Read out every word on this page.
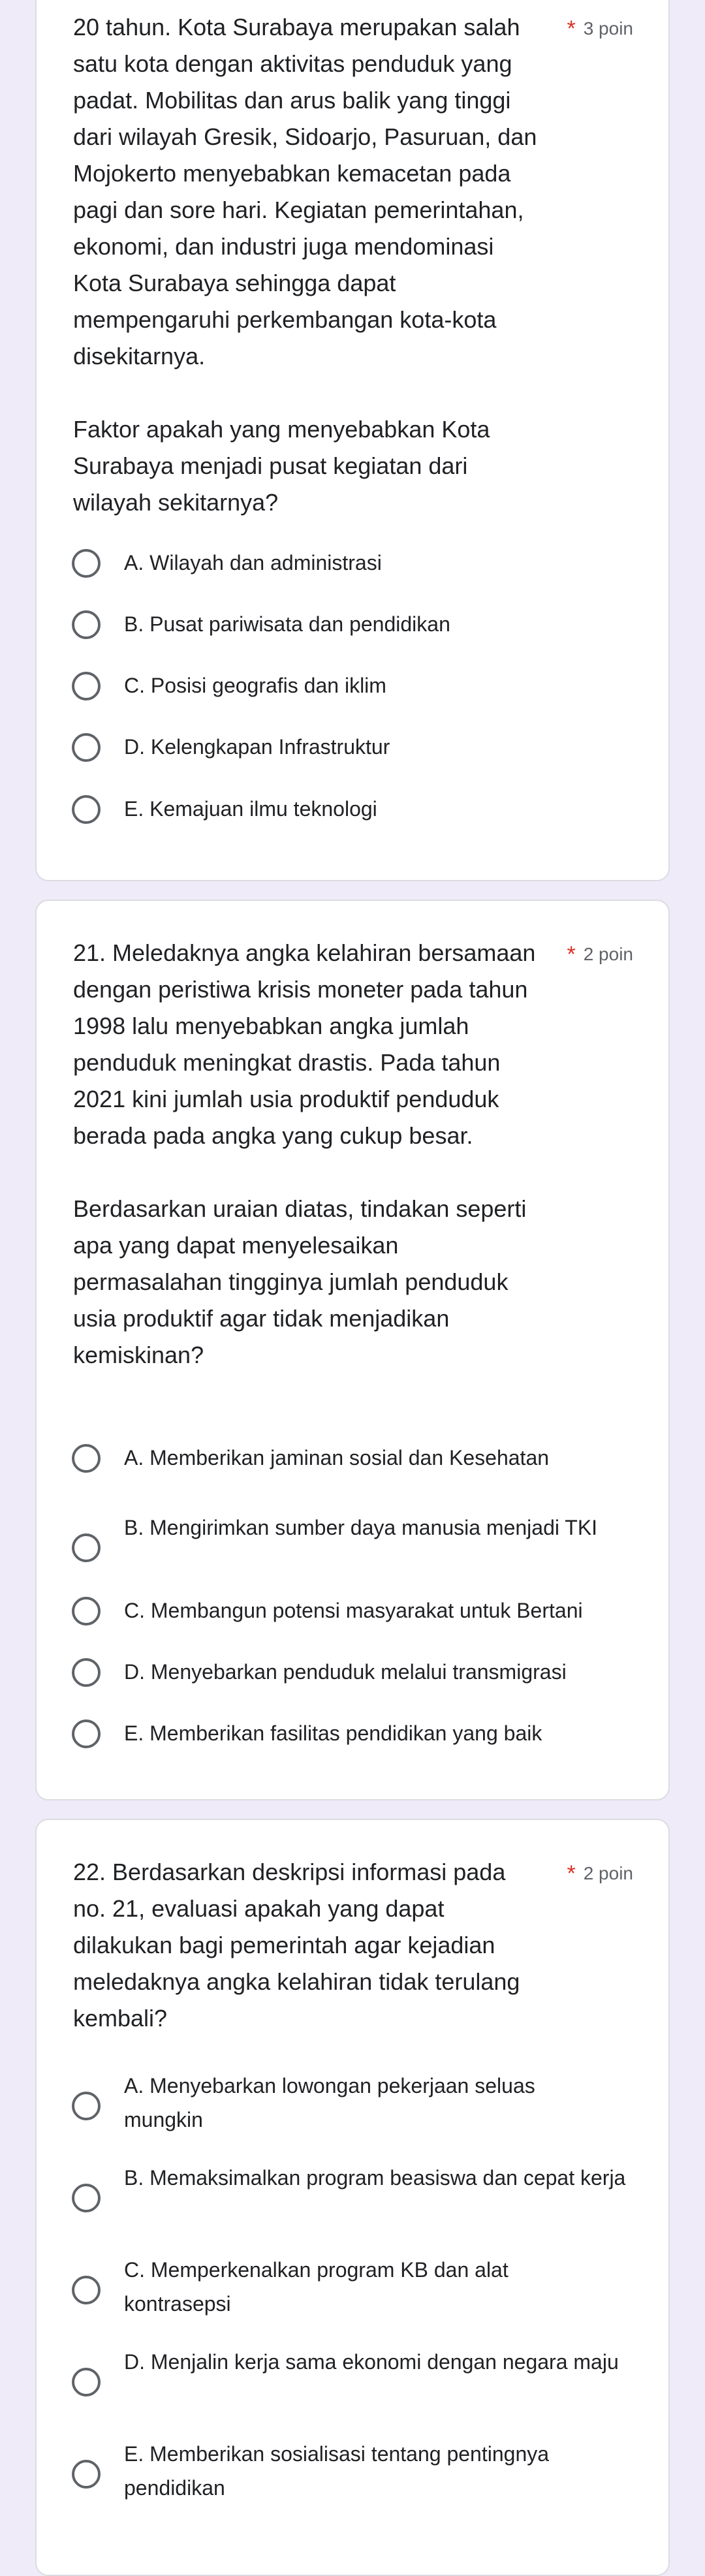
* 3 poin

20 tahun. Kota Surabaya merupakan salah satu kota dengan aktivitas penduduk yang padat. Mobilitas dan arus balik yang tinggi dari wilayah Gresik, Sidoarjo, Pasuruan, dan Mojokerto menyebabkan kemacetan pada pagi dan sore hari. Kegiatan pemerintahan, ekonomi, dan industri juga mendominasi Kota Surabaya sehingga dapat mempengaruhi perkembangan kota-kota disekitarnya.

Faktor apakah yang menyebabkan Kota Surabaya menjadi pusat kegiatan dari wilayah sekitarnya?

A. Wilayah dan administrasi
B. Pusat pariwisata dan pendidikan
C. Posisi geografis dan iklim
D. Kelengkapan Infrastruktur
E. Kemajuan ilmu teknologi
* 2 poin

21. Meledaknya angka kelahiran bersamaan dengan peristiwa krisis moneter pada tahun 1998 lalu menyebabkan angka jumlah penduduk meningkat drastis. Pada tahun 2021 kini jumlah usia produktif penduduk berada pada angka yang cukup besar.

Berdasarkan uraian diatas, tindakan seperti apa yang dapat menyelesaikan permasalahan tingginya jumlah penduduk usia produktif agar tidak menjadikan kemiskinan?

A. Memberikan jaminan sosial dan Kesehatan
B. Mengirimkan sumber daya manusia menjadi TKI
C. Membangun potensi masyarakat untuk Bertani
D. Menyebarkan penduduk melalui transmigrasi
E. Memberikan fasilitas pendidikan yang baik
* 2 poin

22. Berdasarkan deskripsi informasi pada no. 21, evaluasi apakah yang dapat dilakukan bagi pemerintah agar kejadian meledaknya angka kelahiran tidak terulang kembali?

A. Menyebarkan lowongan pekerjaan seluas mungkin
B. Memaksimalkan program beasiswa dan cepat kerja
C. Memperkenalkan program KB dan alat kontrasepsi
D. Menjalin kerja sama ekonomi dengan negara maju
E. Memberikan sosialisasi tentang pentingnya pendidikan
